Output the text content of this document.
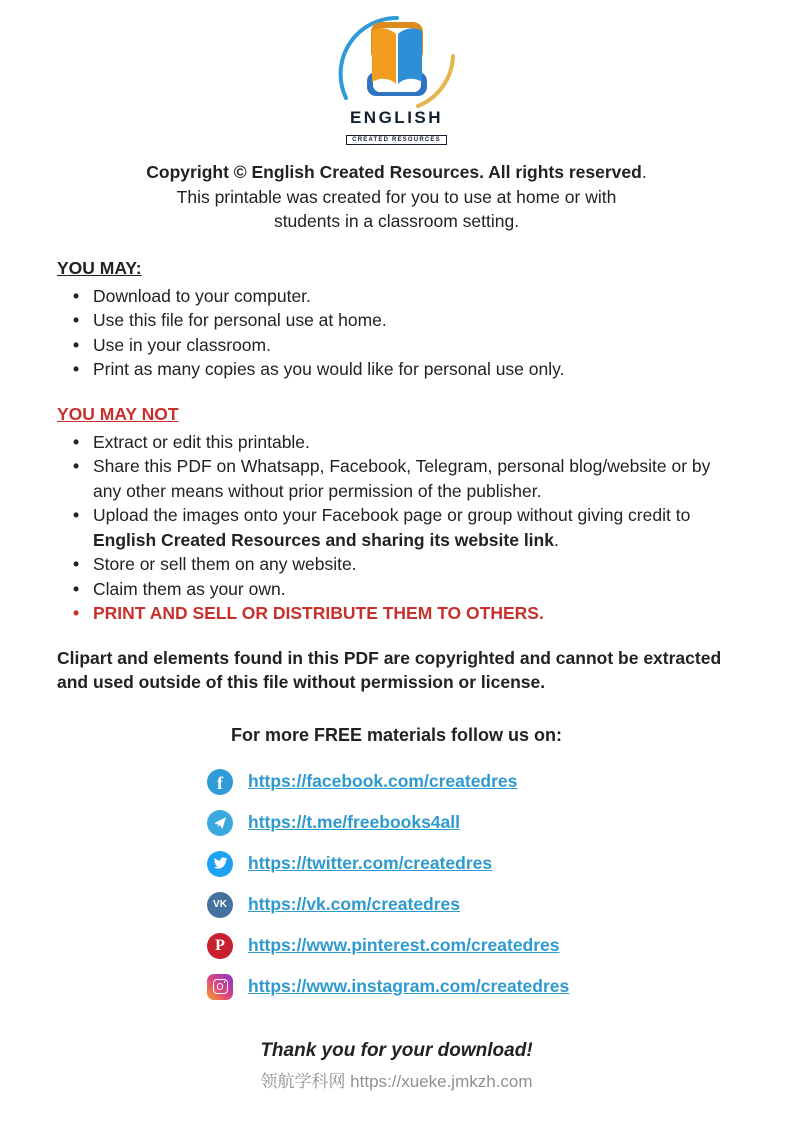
ENGLISH
CREATED RESOURCES
Copyright © English Created Resources. All rights reserved.
This printable was created for you to use at home or with
students in a classroom setting.
YOU MAY:
• Download to your computer.
• Use this file for personal use at home.
• Use in your classroom.
• Print as many copies as you would like for personal use only.
YOU MAY NOT
• Extract or edit this printable.
• Share this PDF on Whatsapp, Facebook, Telegram, personal blog/website or by any other means without prior permission of the publisher.
• Upload the images onto your Facebook page or group without giving credit to English Created Resources and sharing its website link.
• Store or sell them on any website.
• Claim them as your own.
• PRINT AND SELL OR DISTRIBUTE THEM TO OTHERS.
Clipart and elements found in this PDF are copyrighted and cannot be extracted and used outside of this file without permission or license.
For more FREE materials follow us on:
f	https://facebook.com/createdres
https://t.me/freebooks4all
https://twitter.com/createdres
VK	https://vk.com/createdres
P	https://www.pinterest.com/createdres
https://www.instagram.com/createdres
Thank you for your download!
领航学科网 https://xueke.jmkzh.com
